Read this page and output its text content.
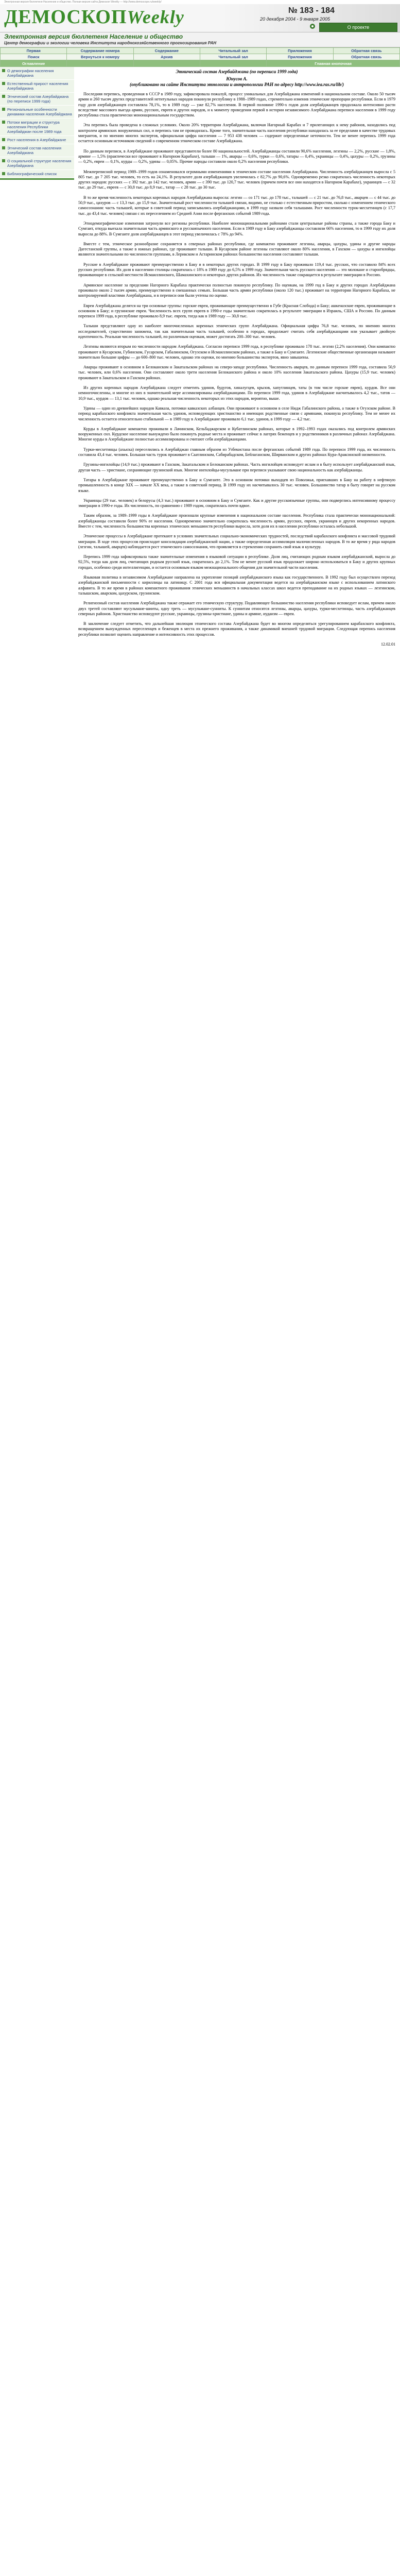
Электронная версия бюллетеня Население и общество. Полная версия сайта Демоскоп Weekly — http://www.demoscope.ru/weekly/
ДЕМОСКОПWeekly	№ 183 - 184
20 декабря 2004 - 9 января 2005
О проекте
Электронная версия бюллетеня Население и общество
Центр демографии и экологии человека Института народнохозяйственного прогнозирования РАН
Первая	Содержание номера	Содержание	Читальный зал	Приложения	Обратная связь
Поиск	Вернуться к номеру	Архив	Читальный зал	Приложения	Обратная связь
Оглавление				Главная кнопочная	
О демографии населения Азербайджана
Естественный прирост населения Азербайджана
Этнический состав Азербайджана (по переписи 1999 года)
Региональные особенности динамики населения Азербайджана
Потоки миграции и структура населения Республики Азербайджан после 1989 года
Рост населения в Азербайджане
Этнический состав населения Азербайджана
О социальной структуре населения Азербайджана
Библиографический список
Этнический состав Азербайджана (по переписи 1999 года)
Юнусов А.
(опубликовано на сайте Института этнологии и антропологии РАН по адресу http://www.iea.ras.ru/lib/)

Последняя перепись, проведенная в СССР в 1989 году, зафиксировала пожалуй, процесс уникальных для Азербайджана изменений в национальном составе. Около 50 тысяч армян и 260 тысяч других представителей нетитульных народов покинули республику в 1988–1989 годах, стремительно изменив этнические пропорции республики. Если в 1979 году доля азербайджанцев составляла 78,1%, то в 1989 году — уже 82,7% населения. В первой половине 1990-х годов доля азербайджанцев продолжала интенсивно расти вследствие массового выезда армян, русских, евреев и других народов, и к моменту проведения первой в истории независимого Азербайджана переписи населения в 1999 году республика стала практически мононациональным государством.

Эта перепись была проведена в сложных условиях. Около 20% территории Азербайджана, включая Нагорный Карабах и 7 прилегающих к нему районов, находились под контролем армянских вооруженных сил, и перепись там не проводилась. Кроме того, значительная часть населения республики находилась за ее пределами в качестве трудовых мигрантов, и по мнению многих экспертов, официальная цифра населения — 7 953 438 человек — содержит определенные неточности. Тем не менее перепись 1999 года остается основным источником сведений о современном этническом составе Азербайджана.

По данным переписи, в Азербайджане проживают представители более 80 национальностей. Азербайджанцы составили 90,6% населения, лезгины — 2,2%, русские — 1,8%, армяне — 1,5% (практически все проживают в Нагорном Карабахе), талыши — 1%, аварцы — 0,6%, турки — 0,6%, татары — 0,4%, украинцы — 0,4%, цахуры — 0,2%, грузины — 0,2%, евреи — 0,1%, курды — 0,2%, удины — 0,05%. Прочие народы составили около 0,2% населения республики.

Межпереписной период 1989–1999 годов ознаменовался огромными изменениями в этническом составе населения Азербайджана. Численность азербайджанцев выросла с 5 805 тыс. до 7 205 тыс. человек, то есть на 24,1%. В результате доля азербайджанцев увеличилась с 82,7% до 90,6%. Одновременно резко сократилась численность некоторых других народов: русских — с 392 тыс. до 142 тыс. человек, армян — с 390 тыс. до 120,7 тыс. человек (причем почти все они находятся в Нагорном Карабахе), украинцев — с 32 тыс. до 29 тыс., евреев — с 30,8 тыс. до 8,9 тыс., татар — с 28 тыс. до 30 тыс.

В то же время численность некоторых коренных народов Азербайджана выросла: лезгин — со 171 тыс. до 178 тыс., талышей — с 21 тыс. до 76,8 тыс., аварцев — с 44 тыс. до 50,9 тыс., цахуров — с 13,3 тыс. до 15,9 тыс. Значительный рост численности талышей связан, видимо, не столько с естественным приростом, сколько с изменением этнического самосознания: часть талышей, которые в советский период записывались азербайджанцами, в 1999 году назвали себя талышами. Рост численности турок-месхетинцев (с 17,7 тыс. до 43,4 тыс. человек) связан с их переселением из Средней Азии после ферганских событий 1989 года.

Этнодемографические изменения затронули все регионы республики. Наиболее мононациональными районами стали центральные районы страны, а также города Баку и Сумгаит, откуда выехала значительная часть армянского и русскоязычного населения. Если в 1989 году в Баку азербайджанцы составляли 66% населения, то в 1999 году их доля выросла до 88%. В Сумгаите доля азербайджанцев в этот период увеличилась с 78% до 94%.

Вместе с тем, этническое разнообразие сохраняется в северных районах республики, где компактно проживают лезгины, аварцы, цахуры, удины и другие народы Дагестанской группы, а также в южных районах, где проживают талыши. В Кусарском районе лезгины составляют около 80% населения, в Гахском — цахуры и ингилойцы являются значительными по численности группами, в Лерикском и Астаринском районах большинство населения составляют талыши.

Русские в Азербайджане проживают преимущественно в Баку и в некоторых других городах. В 1999 году в Баку проживало 119,4 тыс. русских, что составило 84% всех русских республики. Их доля в населении столицы сократилась с 18% в 1989 году до 6,5% в 1999 году. Значительная часть русского населения — это молокане и старообрядцы, проживающие в сельской местности Исмаиллинского, Шамахинского и некоторых других районов. Их численность также сокращается в результате эмиграции в Россию.

Армянское население за пределами Нагорного Карабаха практически полностью покинуло республику. По оценкам, на 1999 год в Баку и других городах Азербайджана проживало около 2 тысяч армян, преимущественно в смешанных семьях. Большая часть армян республики (около 120 тыс.) проживает на территории Нагорного Карабаха, не контролируемой властями Азербайджана, и в переписи они были учтены по оценке.

Евреи Азербайджана делятся на три основные группы: горские евреи, проживающие преимущественно в Губе (Красная Слобода) и Баку; ашкеназские евреи, проживающие в основном в Баку; и грузинские евреи. Численность всех групп евреев в 1990-е годы значительно сократилась в результате эмиграции в Израиль, США и Россию. По данным переписи 1999 года, в республике проживало 8,9 тыс. евреев, тогда как в 1989 году — 30,8 тыс.

Талыши представляют одну из наиболее многочисленных коренных этнических групп Азербайджана. Официальная цифра 76,8 тыс. человек, по мнению многих исследователей, существенно занижена, так как значительная часть талышей, особенно в городах, продолжает считать себя азербайджанцами или указывает двойную идентичность. Реальная численность талышей, по различным оценкам, может достигать 200–300 тыс. человек.

Лезгины являются вторым по численности народом Азербайджана. Согласно переписи 1999 года, в республике проживало 178 тыс. лезгин (2,2% населения). Они компактно проживают в Кусарском, Губинском, Гусарском, Габалинском, Огузском и Исмаиллинском районах, а также в Баку и Сумгаите. Лезгинские общественные организации называют значительно большие цифры — до 600–800 тыс. человек, однако эти оценки, по мнению большинства экспертов, явно завышены.

Аварцы проживают в основном в Белоканском и Закатальском районах на северо-западе республики. Численность аварцев, по данным переписи 1999 года, составила 50,9 тыс. человек, или 0,6% населения. Они составляют около трети населения Белоканского района и около 10% населения Закатальского района. Цахуры (15,9 тыс. человек) проживают в Закатальском и Гахском районах.

Из других коренных народов Азербайджана следует отметить удинов, будугов, хиналугцев, крызов, хапутлинцев, таты (в том числе горские евреи), курдов. Все они немногочисленны, и многие из них в значительной мере ассимилированы азербайджанцами. По переписи 1999 года, удинов в Азербайджане насчитывалось 4,2 тыс., татов — 10,9 тыс., курдов — 13,1 тыс. человек, однако реальная численность некоторых из этих народов, вероятно, выше.

Удины — один из древнейших народов Кавказа, потомки кавказских албанцев. Они проживают в основном в селе Нидж Габалинского района, а также в Огузском районе. В период карабахского конфликта значительная часть удинов, исповедующих христианство и имеющих родственные связи с армянами, покинула республику. Тем не менее их численность остается относительно стабильной — в 1989 году в Азербайджане проживало 6,1 тыс. удинов, в 1999 году — 4,2 тыс.

Курды в Азербайджане компактно проживали в Лачинском, Кельбаджарском и Кубатлинском районах, которые в 1992–1993 годах оказались под контролем армянских вооруженных сил. Курдское население вынуждено было покинуть родные места и проживает сейчас в лагерях беженцев и у родственников в различных районах Азербайджана. Многие курды в Азербайджане полностью ассимилированы и считают себя азербайджанцами.

Турки-месхетинцы (ахыска) переселились в Азербайджан главным образом из Узбекистана после ферганских событий 1989 года. По переписи 1999 года, их численность составила 43,4 тыс. человек. Большая часть турок проживает в Саатлинском, Сабирабадском, Бейлаганском, Ширванском и других районах Кура-Араксинской низменности.

Грузины-ингилойцы (14,9 тыс.) проживают в Гахском, Закатальском и Белоканском районах. Часть ингилойцев исповедует ислам и в быту использует азербайджанский язык, другая часть — христиане, сохраняющие грузинский язык. Многие ингилойцы-мусульмане при переписи указывают свою национальность как азербайджанцы.

Татары в Азербайджане проживают преимущественно в Баку и Сумгаите. Это в основном потомки выходцев из Поволжья, приехавших в Баку на работу в нефтяную промышленность в конце XIX — начале XX века, а также в советский период. В 1999 году их насчитывалось 30 тыс. человек. Большинство татар в быту говорят на русском языке.

Украинцы (29 тыс. человек) и белорусы (4,3 тыс.) проживают в основном в Баку и Сумгаите. Как и другие русскоязычные группы, они подверглись интенсивному процессу эмиграции в 1990-е годы. Их численность, по сравнению с 1989 годом, сократилась почти вдвое.

Таким образом, за 1989–1999 годы в Азербайджане произошли крупные изменения в национальном составе населения. Республика стала практически мононациональной: азербайджанцы составили более 90% ее населения. Одновременно значительно сократилась численность армян, русских, евреев, украинцев и других некоренных народов. Вместе с тем, численность большинства коренных этнических меньшинств республики выросла, хотя доля их в населении республики осталась небольшой.

Этнические процессы в Азербайджане протекают в условиях значительных социально-экономических трудностей, последствий карабахского конфликта и массовой трудовой миграции. В ходе этих процессов происходит консолидация азербайджанской нации, а также определенная ассимиляция малочисленных народов. В то же время у ряда народов (лезгин, талышей, аварцев) наблюдается рост этнического самосознания, что проявляется в стремлении сохранить свой язык и культуру.

Перепись 1999 года зафиксировала также значительные изменения в языковой ситуации в республике. Доля лиц, считающих родным языком азербайджанский, выросла до 92,5%, тогда как доля лиц, считающих родным русский язык, сократилась до 2,1%. Тем не менее русский язык продолжает широко использоваться в Баку и других крупных городах, особенно среди интеллигенции, и остается основным языком межнационального общения для значительной части населения.

Языковая политика в независимом Азербайджане направлена на укрепление позиций азербайджанского языка как государственного. В 1992 году был осуществлен переход азербайджанской письменности с кириллицы на латиницу. С 2001 года вся официальная документация ведется на азербайджанском языке с использованием латинского алфавита. В то же время в районах компактного проживания этнических меньшинств в начальных классах школ ведется преподавание на их родных языках — лезгинском, талышском, аварском, цахурском, грузинском.

Религиозный состав населения Азербайджана также отражает его этническую структуру. Подавляющее большинство населения республики исповедует ислам, причем около двух третей составляют мусульмане-шииты, одну треть — мусульмане-сунниты. К суннитам относятся лезгины, аварцы, цахуры, турки-месхетинцы, часть азербайджанцев северных районов. Христианство исповедуют русские, украинцы, грузины-христиане, удины и армяне, иудаизм — евреи.

В заключение следует отметить, что дальнейшая эволюция этнического состава Азербайджана будет во многом определяться урегулированием карабахского конфликта, возвращением вынужденных переселенцев и беженцев в места их прежнего проживания, а также динамикой внешней трудовой миграции. Следующая перепись населения республики позволит оценить направление и интенсивность этих процессов.

12.02.01
